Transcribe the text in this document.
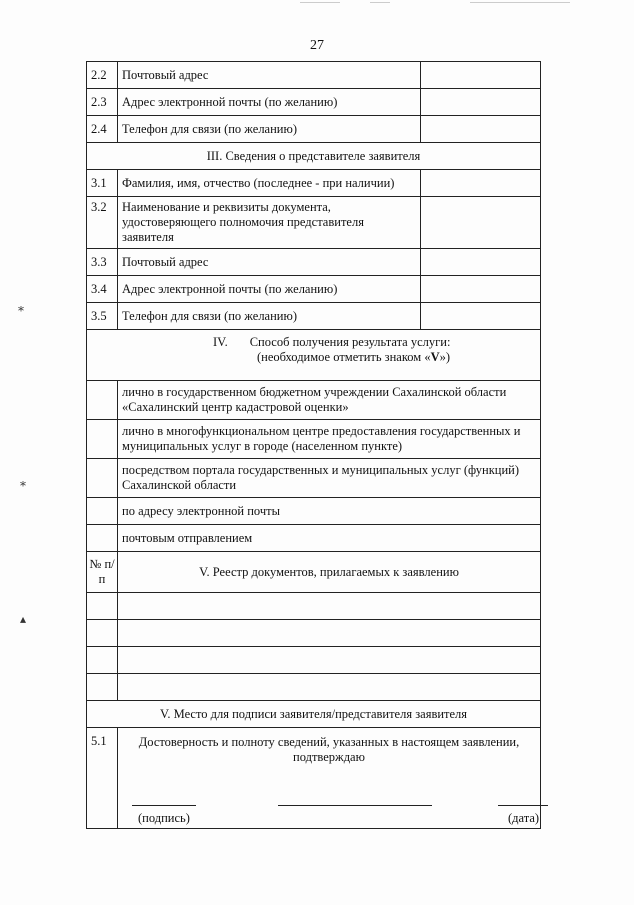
27
2.2	Почтовый адрес	
2.3	Адрес электронной почты (по желанию)	
2.4	Телефон для связи (по желанию)	
III. Сведения о представителе заявителя		
3.1	Фамилия, имя, отчество (последнее - при наличии)	
3.2	Наименование и реквизиты документа, удостоверяющего полномочия представителя заявителя	
3.3	Почтовый адрес	
3.4	Адрес электронной почты (по желанию)	
3.5	Телефон для связи (по желанию)	

IV. Способ получения результата услуги:
(необходимое отметить знаком «V»)		

	лично в государственном бюджетном учреждении Сахалинской области «Сахалинский центр кадастровой оценки»	
	лично в многофункциональном центре предоставления государственных и муниципальных услуг в городе (населенном пункте)	
	посредством портала государственных и муниципальных услуг (функций) Сахалинской области	
	по адресу электронной почты	
	почтовым отправлением	
№ п/п	V. Реестр документов, прилагаемых к заявлению	

V. Место для подписи заявителя/представителя заявителя		
5.1	Достоверность и полноту сведений, указанных в настоящем заявлении, подтверждаю
(подпись) (дата)	
⁎
⁎
▴
